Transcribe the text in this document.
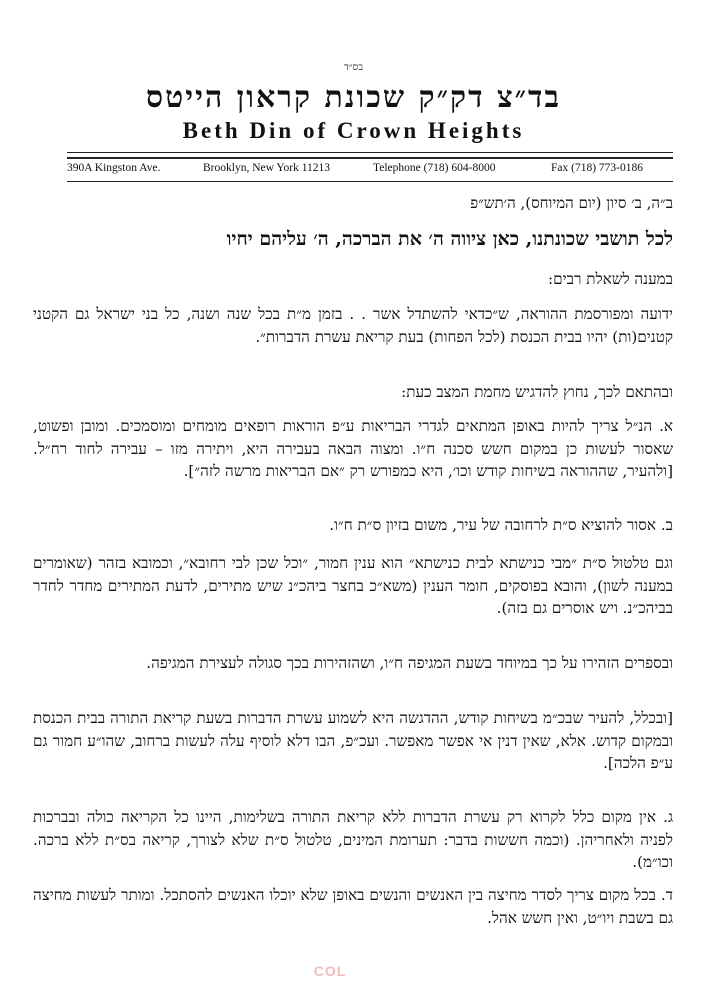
בס״ד
בד״צ דק״ק שכונת קראון הייטס
Beth Din of Crown Heights
390A Kingston Ave.	Brooklyn, New York 11213	Telephone (718) 604-8000	Fax (718) 773-0186
ב״ה, ב׳ סיון (יום המיוחס), ה׳תש״פ
לכל תושבי שכונתנו, כאן ציווה ה׳ את הברכה, ה׳ עליהם יחיו
במענה לשאלת רבים:
ידועה ומפורסמת ההוראה, ש״כדאי להשתדל אשר . . בזמן מ״ת בכל שנה ושנה, כל בני ישראל גם הקטני קטנים(ות) יהיו בבית הכנסת (לכל הפחות) בעת קריאת עשרת הדברות״.
ובהתאם לכך, נחוץ להדגיש מחמת המצב כעת:
א. הנ״ל צריך להיות באופן המתאים לגדרי הבריאות ע״פ הוראות רופאים מומחים ומוסמכים. ומובן ופשוט, שאסור לעשות כן במקום חשש סכנה ח״ו. ומצוה הבאה בעבירה היא, ויתירה מזו – עבירה לחוד רח״ל. [ולהעיר, שההוראה בשיחות קודש וכו׳, היא כמפורש רק ״אם הבריאות מרשה לזה״].
ב. אסור להוציא ס״ת לרחובה של עיר, משום בזיון ס״ת ח״ו.
וגם טלטול ס״ת ״מבי כנישתא לבית כנישתא״ הוא ענין חמור, ״וכל שכן לבי רחובא״, וכמובא בזהר (שאומרים במענה לשון), והובא בפוסקים, חומר הענין (משא״כ בחצר ביהכ״נ שיש מתירים, לדעת המתירים מחדר לחדר בביהכ״נ. ויש אוסרים גם בזה).
ובספרים הזהירו על כך במיוחד בשעת המגיפה ח״ו, ושהזהירות בכך סגולה לעצירת המגיפה.
[ובכלל, להעיר שבכ״מ בשיחות קודש, ההדגשה היא לשמוע עשרת הדברות בשעת קריאת התורה בבית הכנסת ובמקום קדוש. אלא, שאין דנין אי אפשר מאפשר. ועכ״פ, הבו דלא לוסיף עלה לעשות ברחוב, שהו״ע חמור גם ע״פ הלכה].
ג. אין מקום כלל לקרוא רק עשרת הדברות ללא קריאת התורה בשלימות, היינו כל הקריאה כולה ובברכות לפניה ולאחריהן. (וכמה חששות בדבר: תערומת המינים, טלטול ס״ת שלא לצורך, קריאה בס״ת ללא ברכה. וכו״מ).
ד. בכל מקום צריך לסדר מחיצה בין האנשים והנשים באופן שלא יוכלו האנשים להסתכל. ומותר לעשות מחיצה גם בשבת ויו״ט, ואין חשש אהל.
COL
